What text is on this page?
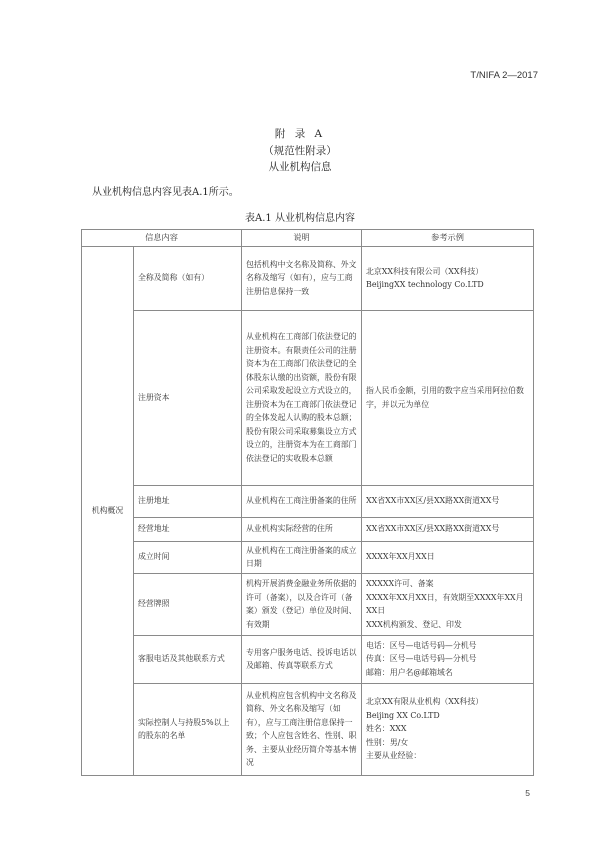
T/NIFA 2—2017
附 录 A
（规范性附录）
从业机构信息
从业机构信息内容见表A.1所示。
表A.1 从业机构信息内容
信息内容		说明	参考示例
机构概况	全称及简称（如有）	包括机构中文名称及简称、外文名称及缩写（如有），应与工商注册信息保持一致	北京XX科技有限公司（XX科技）
BeijingXX technology Co.LTD

	注册资本	从业机构在工商部门依法登记的注册资本。有限责任公司的注册资本为在工商部门依法登记的全体股东认缴的出资额，股份有限公司采取发起设立方式设立的，注册资本为在工商部门依法登记的全体发起人认购的股本总额；股份有限公司采取募集设立方式设立的，注册资本为在工商部门依法登记的实收股本总额	指人民币金额，引用的数字应当采用阿拉伯数字，并以元为单位

	注册地址	从业机构在工商注册备案的住所	XX省XX市XX区/县XX路XX街道XX号

	经营地址	从业机构实际经营的住所	XX省XX市XX区/县XX路XX街道XX号

	成立时间	从业机构在工商注册备案的成立日期	XXXX年XX月XX日

	经营牌照	机构开展消费金融业务所依据的许可（备案），以及合许可（备案）颁发（登记）单位及时间、有效期	XXXXX许可、备案
XXXX年XX月XX日，有效期至XXXX年XX月XX日
XXX机构颁发、登记、印发

	客服电话及其他联系方式	专用客户服务电话、投诉电话以及邮箱、传真等联系方式	电话：区号—电话号码—分机号
传真：区号—电话号码—分机号
邮箱：用户名@邮箱域名

	实际控制人与持股5%以上的股东的名单	从业机构应包含机构中文名称及简称、外文名称及缩写（如有），应与工商注册信息保持一致；个人应包含姓名、性别、职务、主要从业经历简介等基本情况	北京XX有限从业机构（XX科技）
Beijing XX Co.LTD
姓名：XXX
性别：男/女
主要从业经验：
5
